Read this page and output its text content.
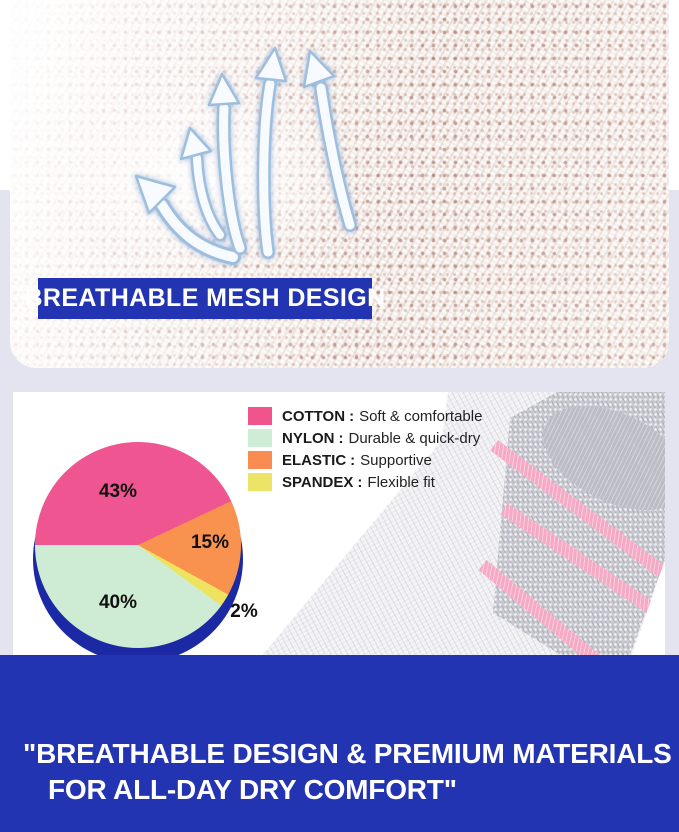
BREATHABLE MESH DESIGN
COTTON : Soft & comfortable
NYLON : Durable & quick-dry
ELASTIC : Supportive
SPANDEX : Flexible fit
43%
15%
2%
40%
"BREATHABLE DESIGN & PREMIUM MATERIALS
FOR ALL-DAY DRY COMFORT"
